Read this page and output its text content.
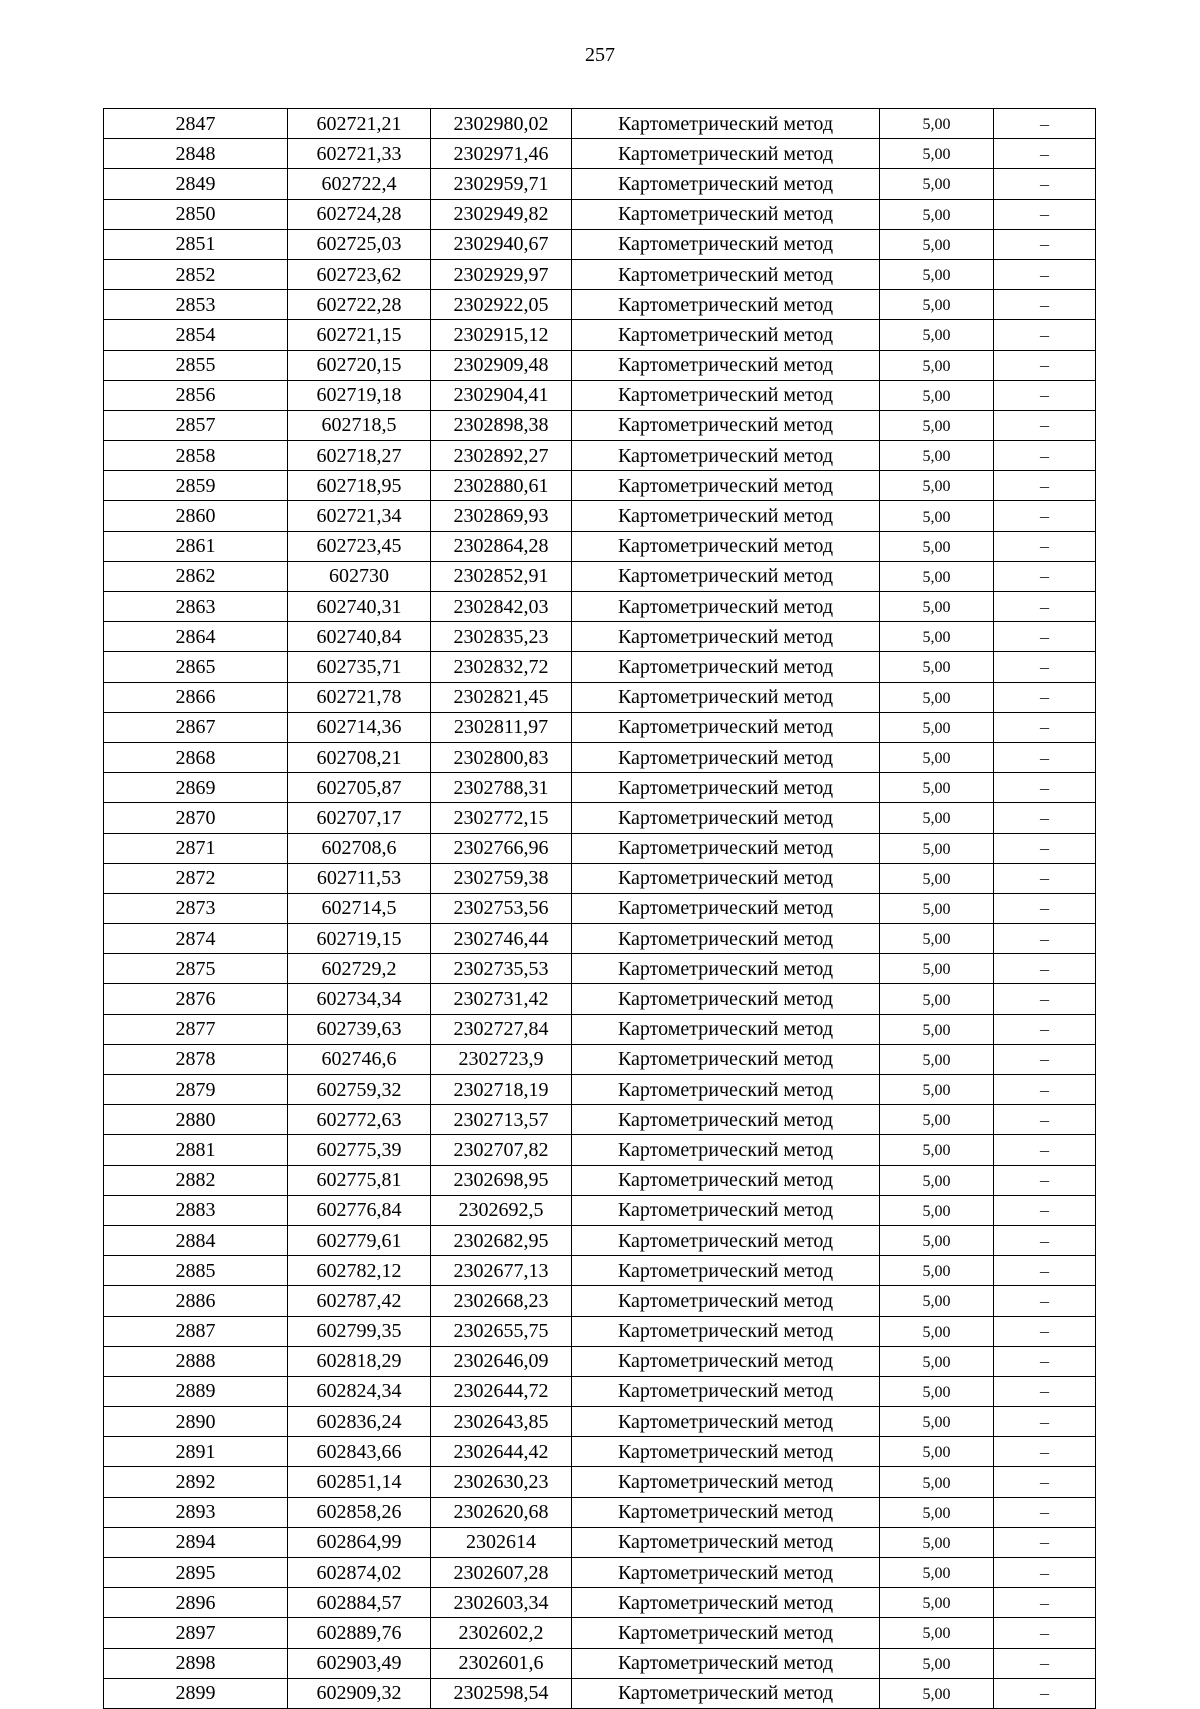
257
2847	602721,21	2302980,02	Картометрический метод	5,00	–
2848	602721,33	2302971,46	Картометрический метод	5,00	–
2849	602722,4	2302959,71	Картометрический метод	5,00	–
2850	602724,28	2302949,82	Картометрический метод	5,00	–
2851	602725,03	2302940,67	Картометрический метод	5,00	–
2852	602723,62	2302929,97	Картометрический метод	5,00	–
2853	602722,28	2302922,05	Картометрический метод	5,00	–
2854	602721,15	2302915,12	Картометрический метод	5,00	–
2855	602720,15	2302909,48	Картометрический метод	5,00	–
2856	602719,18	2302904,41	Картометрический метод	5,00	–
2857	602718,5	2302898,38	Картометрический метод	5,00	–
2858	602718,27	2302892,27	Картометрический метод	5,00	–
2859	602718,95	2302880,61	Картометрический метод	5,00	–
2860	602721,34	2302869,93	Картометрический метод	5,00	–
2861	602723,45	2302864,28	Картометрический метод	5,00	–
2862	602730	2302852,91	Картометрический метод	5,00	–
2863	602740,31	2302842,03	Картометрический метод	5,00	–
2864	602740,84	2302835,23	Картометрический метод	5,00	–
2865	602735,71	2302832,72	Картометрический метод	5,00	–
2866	602721,78	2302821,45	Картометрический метод	5,00	–
2867	602714,36	2302811,97	Картометрический метод	5,00	–
2868	602708,21	2302800,83	Картометрический метод	5,00	–
2869	602705,87	2302788,31	Картометрический метод	5,00	–
2870	602707,17	2302772,15	Картометрический метод	5,00	–
2871	602708,6	2302766,96	Картометрический метод	5,00	–
2872	602711,53	2302759,38	Картометрический метод	5,00	–
2873	602714,5	2302753,56	Картометрический метод	5,00	–
2874	602719,15	2302746,44	Картометрический метод	5,00	–
2875	602729,2	2302735,53	Картометрический метод	5,00	–
2876	602734,34	2302731,42	Картометрический метод	5,00	–
2877	602739,63	2302727,84	Картометрический метод	5,00	–
2878	602746,6	2302723,9	Картометрический метод	5,00	–
2879	602759,32	2302718,19	Картометрический метод	5,00	–
2880	602772,63	2302713,57	Картометрический метод	5,00	–
2881	602775,39	2302707,82	Картометрический метод	5,00	–
2882	602775,81	2302698,95	Картометрический метод	5,00	–
2883	602776,84	2302692,5	Картометрический метод	5,00	–
2884	602779,61	2302682,95	Картометрический метод	5,00	–
2885	602782,12	2302677,13	Картометрический метод	5,00	–
2886	602787,42	2302668,23	Картометрический метод	5,00	–
2887	602799,35	2302655,75	Картометрический метод	5,00	–
2888	602818,29	2302646,09	Картометрический метод	5,00	–
2889	602824,34	2302644,72	Картометрический метод	5,00	–
2890	602836,24	2302643,85	Картометрический метод	5,00	–
2891	602843,66	2302644,42	Картометрический метод	5,00	–
2892	602851,14	2302630,23	Картометрический метод	5,00	–
2893	602858,26	2302620,68	Картометрический метод	5,00	–
2894	602864,99	2302614	Картометрический метод	5,00	–
2895	602874,02	2302607,28	Картометрический метод	5,00	–
2896	602884,57	2302603,34	Картометрический метод	5,00	–
2897	602889,76	2302602,2	Картометрический метод	5,00	–
2898	602903,49	2302601,6	Картометрический метод	5,00	–
2899	602909,32	2302598,54	Картометрический метод	5,00	–
